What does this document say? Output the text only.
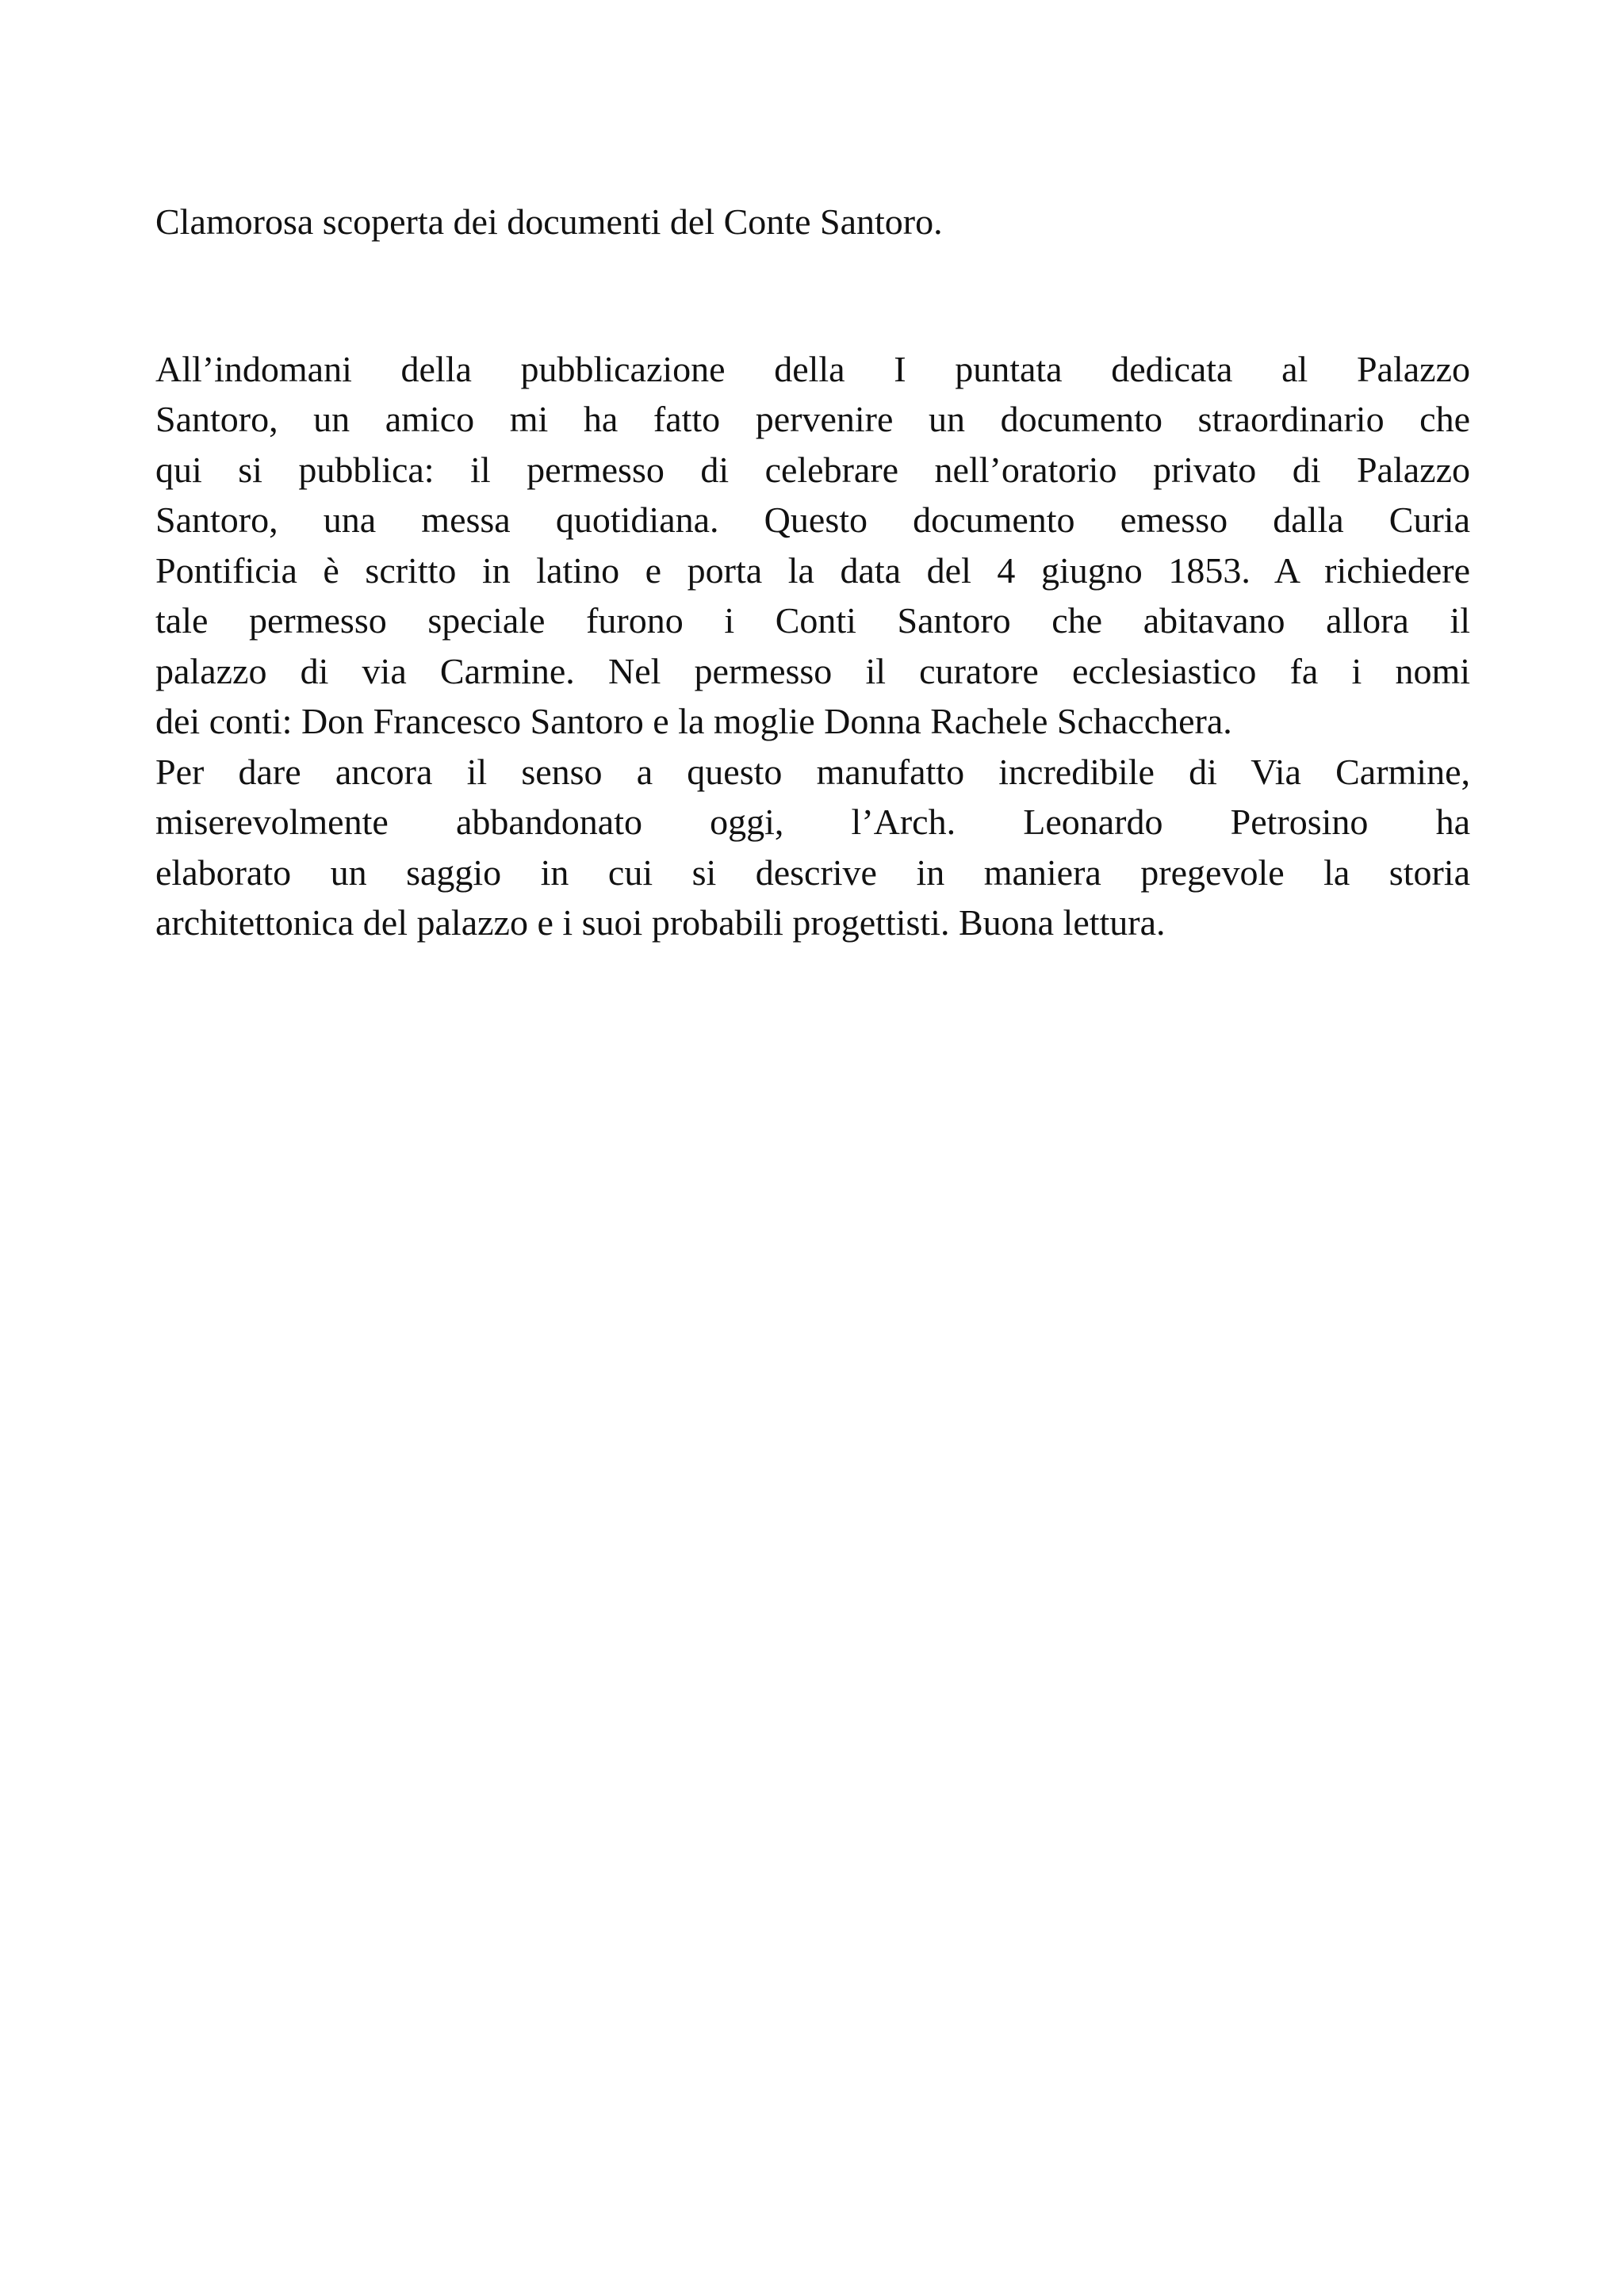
Clamorosa scoperta dei documenti del Conte Santoro.
All’indomani della pubblicazione della I puntata dedicata al Palazzo
Santoro, un amico mi ha fatto pervenire un documento straordinario che
qui si pubblica: il permesso di celebrare nell’oratorio privato di Palazzo
Santoro, una messa quotidiana. Questo documento emesso dalla Curia
Pontificia è scritto in latino e porta la data del 4 giugno 1853. A richiedere
tale permesso speciale furono i Conti Santoro che abitavano allora il
palazzo di via Carmine. Nel permesso il curatore ecclesiastico fa i nomi
dei conti: Don Francesco Santoro e la moglie Donna Rachele Schacchera.
Per dare ancora il senso a questo manufatto incredibile di Via Carmine,
miserevolmente abbandonato oggi, l’Arch. Leonardo Petrosino ha
elaborato un saggio in cui si descrive in maniera pregevole la storia
architettonica del palazzo e i suoi probabili progettisti. Buona lettura.
